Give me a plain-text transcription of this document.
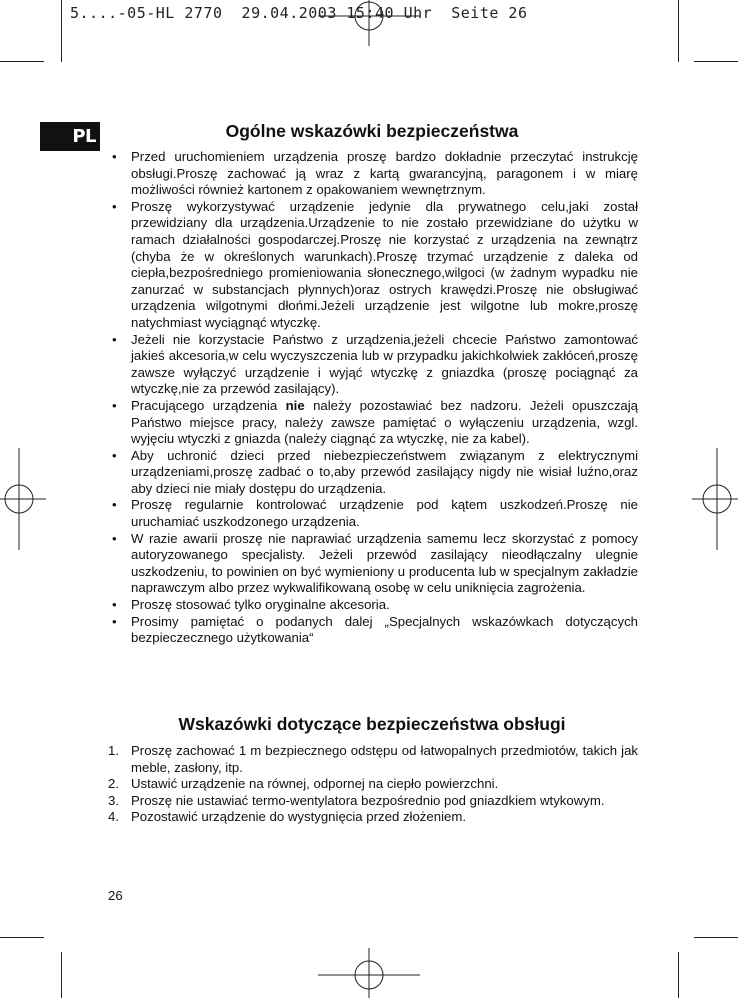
5....-05-HL 2770  29.04.2003 15:40 Uhr  Seite 26
PL	Ogólne wskazówki bezpieczeństwa
• Przed uruchomieniem urządzenia proszę bardzo dokładnie przeczytać instrukcję obsługi.Proszę zachować ją wraz z kartą gwarancyjną, paragonem i w miarę możliwości również kartonem z opakowaniem wewnętrznym.
• Proszę wykorzystywać urządzenie jedynie dla prywatnego celu,jaki został przewidziany dla urządzenia.Urządzenie to nie zostało przewidziane do użytku w ramach działalności gospodarczej.Proszę nie korzystać z urządzenia na zewnątrz (chyba że w określonych warunkach).Proszę trzymać urządzenie z daleka od ciepła,bezpośredniego promieniowania słonecznego,wilgoci (w żadnym wypadku nie zanurzać w substancjach płynnych)oraz ostrych krawędzi.Proszę nie obsługiwać urządzenia wilgotnymi dłońmi.Jeżeli urządzenie jest wilgotne lub mokre,proszę natychmiast wyciągnąć wtyczkę.
• Jeżeli nie korzystacie Państwo z urządzenia,jeżeli chcecie Państwo zamontować jakieś akcesoria,w celu wyczyszczenia lub w przypadku jakichkolwiek zakłóceń,proszę zawsze wyłączyć urządzenie i wyjąć wtyczkę z gniazdka (proszę pociągnąć za wtyczkę,nie za przewód zasilający).
• Pracującego urządzenia nie należy pozostawiać bez nadzoru. Jeżeli opuszczają Państwo miejsce pracy, należy zawsze pamiętać o wyłączeniu urządzenia, wzgl. wyjęciu wtyczki z gniazda (należy ciągnąć za wtyczkę, nie za kabel).
• Aby uchronić dzieci przed niebezpieczeństwem związanym z elektrycznymi urządzeniami,proszę zadbać o to,aby przewód zasilający nigdy nie wisiał luźno,oraz aby dzieci nie miały dostępu do urządzenia.
• Proszę regularnie kontrolować urządzenie pod kątem uszkodzeń.Proszę nie uruchamiać uszkodzonego urządzenia.
• W razie awarii proszę nie naprawiać urządzenia samemu lecz skorzystać z pomocy autoryzowanego specjalisty. Jeżeli przewód zasilający nieodłączalny ulegnie uszkodzeniu, to powinien on być wymieniony u producenta lub w specjalnym zakładzie naprawczym albo przez wykwalifikowaną osobę w celu uniknięcia zagrożenia.
• Proszę stosować tylko oryginalne akcesoria.
• Prosimy pamiętać o podanych dalej „Specjalnych wskazówkach dotyczących bezpieczecznego użytkowania“
Wskazówki dotyczące bezpieczeństwa obsługi
1. Proszę zachować 1 m bezpiecznego odstępu od łatwopalnych przedmiotów, takich jak meble, zasłony, itp.
2. Ustawić urządzenie na równej, odpornej na ciepło powierzchni.
3. Proszę nie ustawiać termo-wentylatora bezpośrednio pod gniazdkiem wtykowym.
4. Pozostawić urządzenie do wystygnięcia przed złożeniem.
26
